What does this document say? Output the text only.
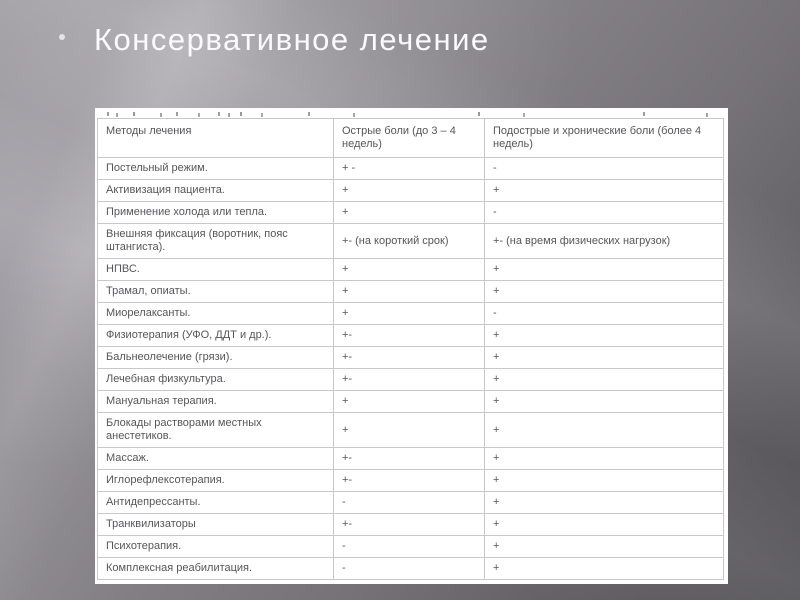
Консервативное лечение
Методы лечения	Острые боли (до 3 – 4 недель)	Подострые и хронические боли (более 4 недель)
Постельный режим.	+ -	-
Активизация пациента.	+	+
Применение холода или тепла.	+	-
Внешняя фиксация (воротник, пояс штангиста).	+- (на короткий срок)	+- (на время физических нагрузок)
НПВС.	+	+
Трамал, опиаты.	+	+
Миорелаксанты.	+	-
Физиотерапия (УФО, ДДТ и др.).	+-	+
Бальнеолечение (грязи).	+-	+
Лечебная физкультура.	+-	+
Мануальная терапия.	+	+
Блокады растворами местных анестетиков.	+	+
Массаж.	+-	+
Иглорефлексотерапия.	+-	+
Антидепрессанты.	-	+
Транквилизаторы	+-	+
Психотерапия.	-	+
Комплексная реабилитация.	-	+
